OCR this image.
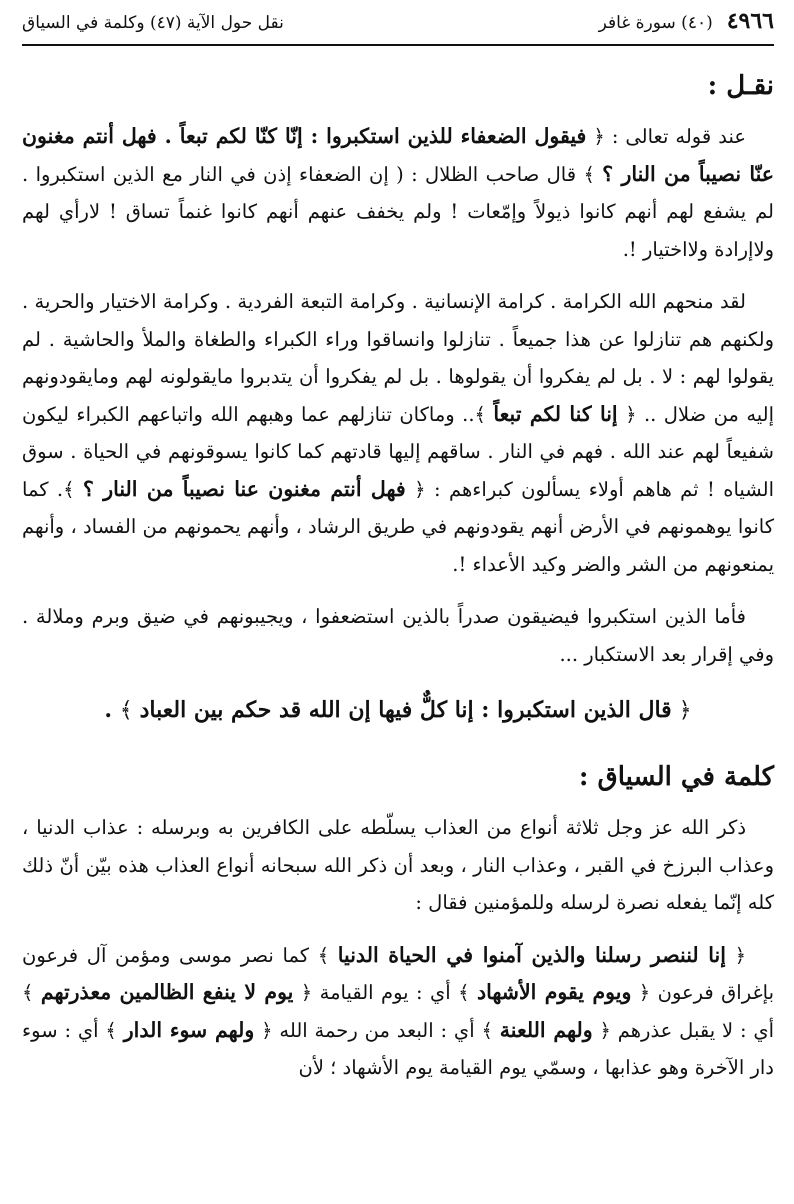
٤٩٦٦
(٤٠) سورة غافر
نقل حول الآية (٤٧) وكلمة في السياق
نقـل :

عند قوله تعالى : ﴿ فيقول الضعفاء للذين استكبروا : إنّا كنّا لكم تبعاً . فهل أنتم مغنون عنّا نصيباً من النار ؟ ﴾ قال صاحب الظلال : ( إن الضعفاء إذن في النار مع الذين استكبروا . لم يشفع لهم أنهم كانوا ذيولاً وإمّعات ! ولم يخفف عنهم أنهم كانوا غنماً تساق ! لارأي لهم ولاإرادة ولااختيار !.

لقد منحهم الله الكرامة . كرامة الإنسانية . وكرامة التبعة الفردية . وكرامة الاختيار والحرية . ولكنهم هم تنازلوا عن هذا جميعاً . تنازلوا وانساقوا وراء الكبراء والطغاة والملأ والحاشية . لم يقولوا لهم : لا . بل لم يفكروا أن يقولوها . بل لم يفكروا أن يتدبروا مايقولونه لهم ومايقودونهم إليه من ضلال .. ﴿ إنا كنا لكم تبعاً ﴾.. وماكان تنازلهم عما وهبهم الله واتباعهم الكبراء ليكون شفيعاً لهم عند الله . فهم في النار . ساقهم إليها قادتهم كما كانوا يسوقونهم في الحياة . سوق الشياه ! ثم هاهم أولاء يسألون كبراءهم : ﴿ فهل أنتم مغنون عنا نصيباً من النار ؟ ﴾. كما كانوا يوهمونهم في الأرض أنهم يقودونهم في طريق الرشاد ، وأنهم يحمونهم من الفساد ، وأنهم يمنعونهم من الشر والضر وكيد الأعداء !.

فأما الذين استكبروا فيضيقون صدراً بالذين استضعفوا ، ويجيبونهم في ضيق وبرم وملالة . وفي إقرار بعد الاستكبار ...

﴿ قال الذين استكبروا : إنا كلٌّ فيها إن الله قد حكم بين العباد ﴾ .
كلمة في السياق :

ذكر الله عز وجل ثلاثة أنواع من العذاب يسلّطه على الكافرين به وبرسله : عذاب الدنيا ، وعذاب البرزخ في القبر ، وعذاب النار ، وبعد أن ذكر الله سبحانه أنواع العذاب هذه بيّن أنّ ذلك كله إنّما يفعله نصرة لرسله وللمؤمنين فقال :

﴿ إنا لننصر رسلنا والذين آمنوا في الحياة الدنيا ﴾ كما نصر موسى ومؤمن آل فرعون بإغراق فرعون ﴿ ويوم يقوم الأشهاد ﴾ أي : يوم القيامة ﴿ يوم لا ينفع الظالمين معذرتهم ﴾ أي : لا يقبل عذرهم ﴿ ولهم اللعنة ﴾ أي : البعد من رحمة الله ﴿ ولهم سوء الدار ﴾ أي : سوء دار الآخرة وهو عذابها ، وسمّي يوم القيامة يوم الأشهاد ؛ لأن
